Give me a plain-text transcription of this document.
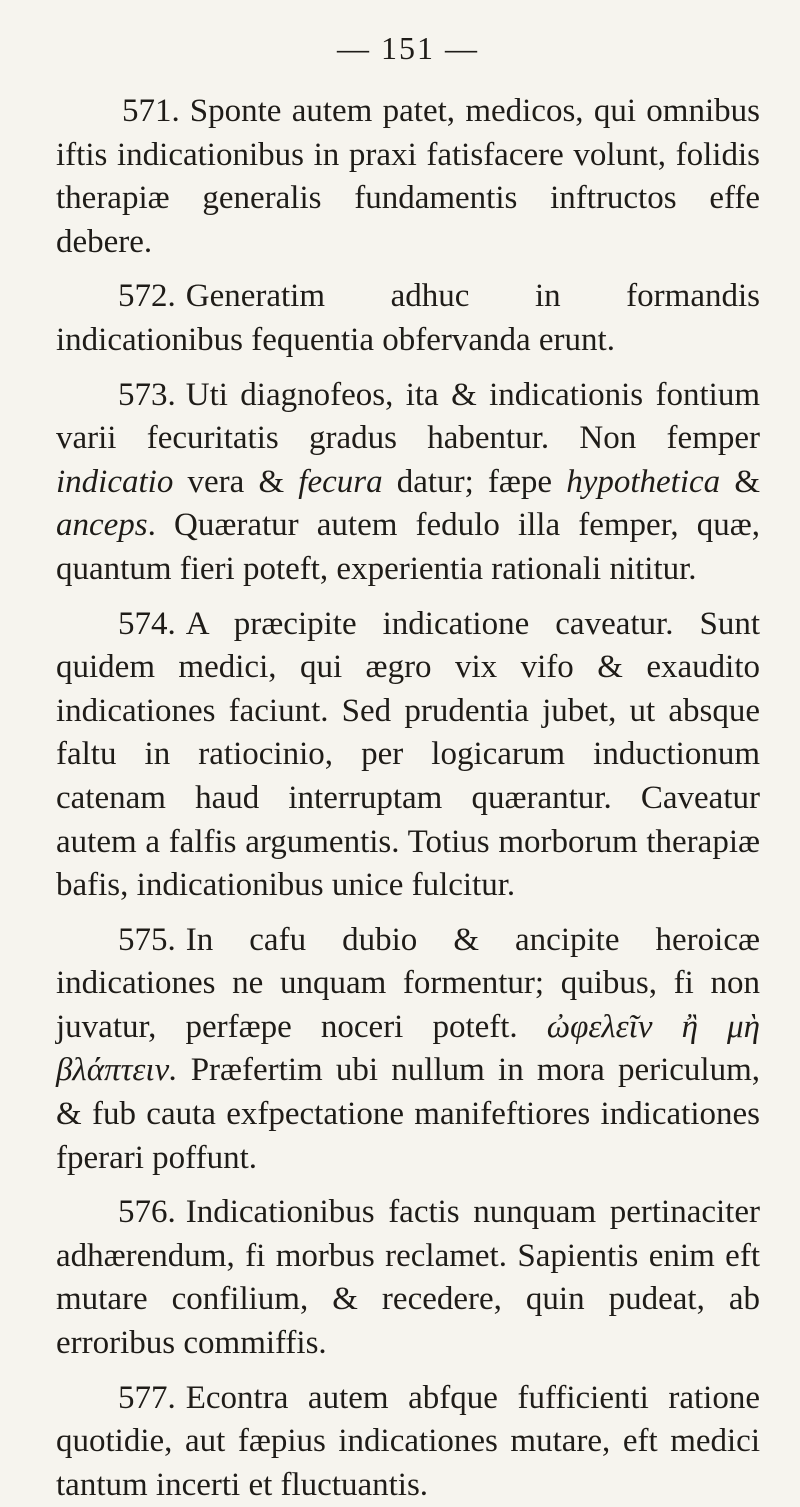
— 151 —

571. Sponte autem patet, medicos, qui omnibus iftis indicationibus in praxi fatisfacere volunt, folidis therapiæ generalis fundamentis inftructos effe debere.

572. Generatim adhuc in formandis indicationibus fequentia obfervanda erunt.

573. Uti diagnofeos, ita & indicationis fontium varii fecuritatis gradus habentur. Non femper indicatio vera & fecura datur; fæpe hypothetica & anceps. Quæratur autem fedulo illa femper, quæ, quantum fieri poteft, experientia rationali nititur.

574. A præcipite indicatione caveatur. Sunt quidem medici, qui ægro vix vifo & exaudito indicationes faciunt. Sed prudentia jubet, ut absque faltu in ratiocinio, per logicarum inductionum catenam haud interruptam quærantur. Caveatur autem a falfis argumentis. Totius morborum therapiæ bafis, indicationibus unice fulcitur.

575. In cafu dubio & ancipite heroicæ indicationes ne unquam formentur; quibus, fi non juvatur, perfæpe noceri poteft. ὠφελεῖν ἢ μὴ βλάπτειν. Præfertim ubi nullum in mora periculum, & fub cauta exfpectatione manifeftiores indicationes fperari poffunt.

576. Indicationibus factis nunquam pertinaciter adhærendum, fi morbus reclamet. Sapientis enim eft mutare confilium, & recedere, quin pudeat, ab erroribus commiffis.

577. Econtra autem abfque fufficienti ratione quotidie, aut fæpius indicationes mutare, eft medici tantum incerti et fluctuantis.
